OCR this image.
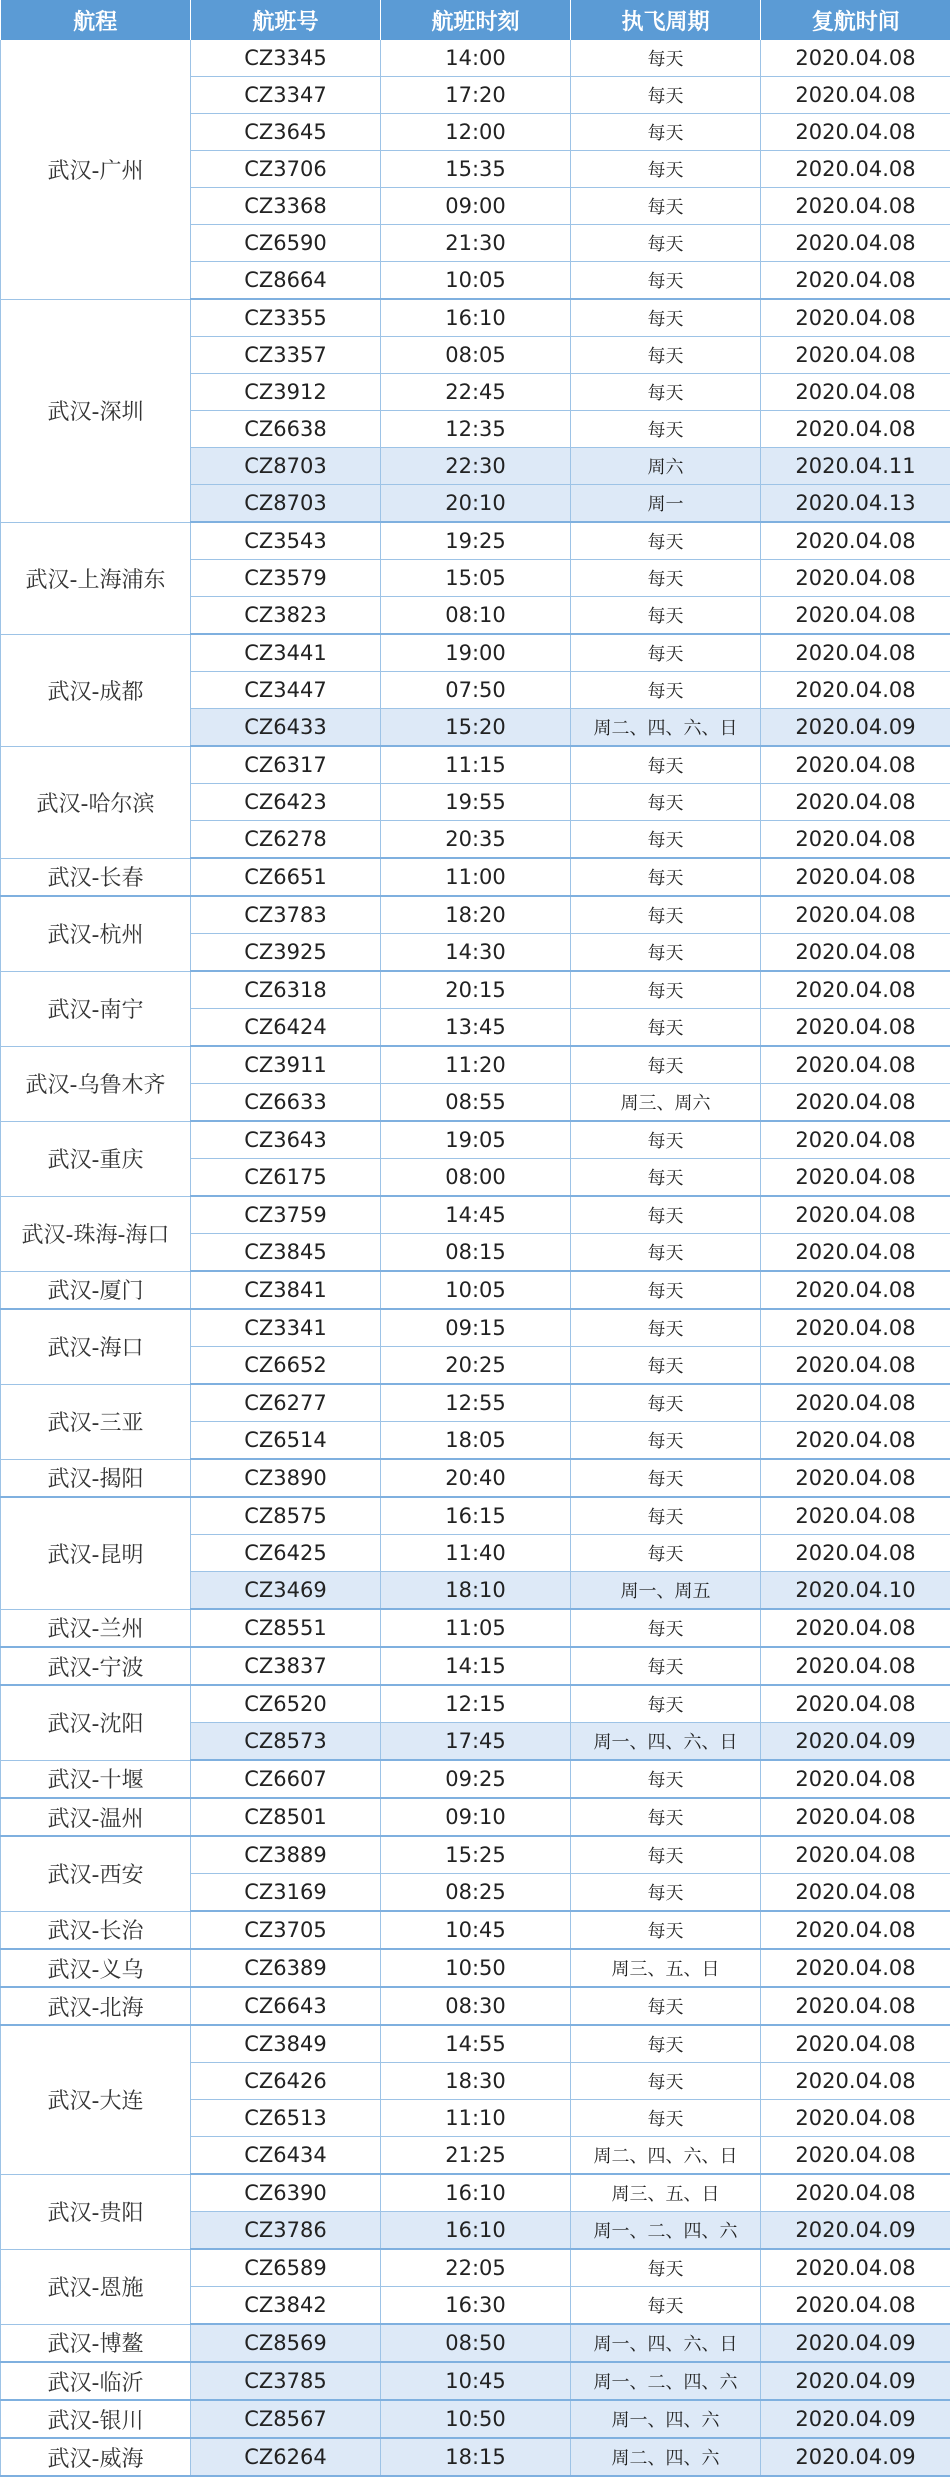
航程	航班号	航班时刻	执飞周期	复航时间
武汉-广州	CZ3345	14:00	每天	2020.04.08
	CZ3347	17:20	每天	2020.04.08
	CZ3645	12:00	每天	2020.04.08
	CZ3706	15:35	每天	2020.04.08
	CZ3368	09:00	每天	2020.04.08
	CZ6590	21:30	每天	2020.04.08
	CZ8664	10:05	每天	2020.04.08
武汉-深圳	CZ3355	16:10	每天	2020.04.08
	CZ3357	08:05	每天	2020.04.08
	CZ3912	22:45	每天	2020.04.08
	CZ6638	12:35	每天	2020.04.08
	CZ8703	22:30	周六	2020.04.11
	CZ8703	20:10	周一	2020.04.13
武汉-上海浦东	CZ3543	19:25	每天	2020.04.08
	CZ3579	15:05	每天	2020.04.08
	CZ3823	08:10	每天	2020.04.08
武汉-成都	CZ3441	19:00	每天	2020.04.08
	CZ3447	07:50	每天	2020.04.08
	CZ6433	15:20	周二、四、六、日	2020.04.09
武汉-哈尔滨	CZ6317	11:15	每天	2020.04.08
	CZ6423	19:55	每天	2020.04.08
	CZ6278	20:35	每天	2020.04.08
武汉-长春	CZ6651	11:00	每天	2020.04.08
武汉-杭州	CZ3783	18:20	每天	2020.04.08
	CZ3925	14:30	每天	2020.04.08
武汉-南宁	CZ6318	20:15	每天	2020.04.08
	CZ6424	13:45	每天	2020.04.08
武汉-乌鲁木齐	CZ3911	11:20	每天	2020.04.08
	CZ6633	08:55	周三、周六	2020.04.08
武汉-重庆	CZ3643	19:05	每天	2020.04.08
	CZ6175	08:00	每天	2020.04.08
武汉-珠海-海口	CZ3759	14:45	每天	2020.04.08
	CZ3845	08:15	每天	2020.04.08
武汉-厦门	CZ3841	10:05	每天	2020.04.08
武汉-海口	CZ3341	09:15	每天	2020.04.08
	CZ6652	20:25	每天	2020.04.08
武汉-三亚	CZ6277	12:55	每天	2020.04.08
	CZ6514	18:05	每天	2020.04.08
武汉-揭阳	CZ3890	20:40	每天	2020.04.08
武汉-昆明	CZ8575	16:15	每天	2020.04.08
	CZ6425	11:40	每天	2020.04.08
	CZ3469	18:10	周一、周五	2020.04.10
武汉-兰州	CZ8551	11:05	每天	2020.04.08
武汉-宁波	CZ3837	14:15	每天	2020.04.08
武汉-沈阳	CZ6520	12:15	每天	2020.04.08
	CZ8573	17:45	周一、四、六、日	2020.04.09
武汉-十堰	CZ6607	09:25	每天	2020.04.08
武汉-温州	CZ8501	09:10	每天	2020.04.08
武汉-西安	CZ3889	15:25	每天	2020.04.08
	CZ3169	08:25	每天	2020.04.08
武汉-长治	CZ3705	10:45	每天	2020.04.08
武汉-义乌	CZ6389	10:50	周三、五、日	2020.04.08
武汉-北海	CZ6643	08:30	每天	2020.04.08
武汉-大连	CZ3849	14:55	每天	2020.04.08
	CZ6426	18:30	每天	2020.04.08
	CZ6513	11:10	每天	2020.04.08
	CZ6434	21:25	周二、四、六、日	2020.04.08
武汉-贵阳	CZ6390	16:10	周三、五、日	2020.04.08
	CZ3786	16:10	周一、二、四、六	2020.04.09
武汉-恩施	CZ6589	22:05	每天	2020.04.08
	CZ3842	16:30	每天	2020.04.08
武汉-博鳌	CZ8569	08:50	周一、四、六、日	2020.04.09
武汉-临沂	CZ3785	10:45	周一、二、四、六	2020.04.09
武汉-银川	CZ8567	10:50	周一、四、六	2020.04.09
武汉-威海	CZ6264	18:15	周二、四、六	2020.04.09
